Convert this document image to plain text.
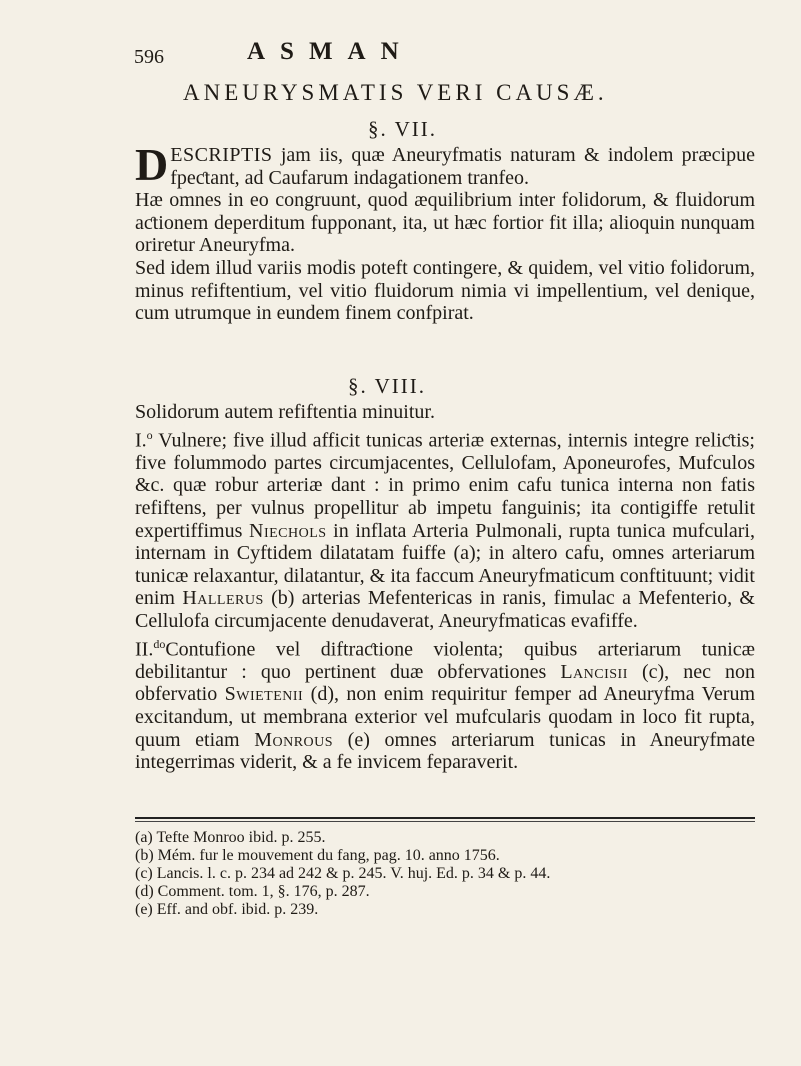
596	ASMAN
ANEURYSMATIS VERI CAUSÆ.
§. VII.

DESCRIPTIS jam iis, quæ Aneuryfmatis naturam & indolem præcipue fpeƈtant, ad Caufarum indagationem tranfeo.

Hæ omnes in eo congruunt, quod æquilibrium inter folidorum, & fluidorum aƈtionem deperditum fupponant, ita, ut hæc fortior fit illa; alioquin nunquam oriretur Aneuryfma.

Sed idem illud variis modis poteft contingere, & quidem, vel vitio folidorum, minus refiftentium, vel vitio fluidorum nimia vi impellentium, vel denique, cum utrumque in eundem finem confpirat.

§. VIII.

Solidorum autem refiftentia minuitur.

I.$^o$ Vulnere; five illud afficit tunicas arteriæ externas, internis integre reliƈtis; five folummodo partes circumjacentes, Cellulofam, Aponeurofes, Mufculos &c. quæ robur arteriæ dant : in primo enim cafu tunica interna non fatis refiftens, per vulnus propellitur ab impetu fanguinis; ita contigiffe retulit expertiffimus Niechols in inflata Arteria Pulmonali, rupta tunica mufculari, internam in Cyftidem dilatatam fuiffe (a); in altero cafu, omnes arteriarum tunicæ relaxantur, dilatantur, & ita faccum Aneuryfmaticum conftituunt; vidit enim Hallerus (b) arterias Mefentericas in ranis, fimulac a Mefenterio, & Cellulofa circumjacente denudaverat, Aneuryfmaticas evafiffe.

II.$^{do}$Contufione vel diftraƈtione violenta; quibus arteriarum tunicæ debilitantur : quo pertinent duæ obfervationes Lancisii (c), nec non obfervatio Swietenii (d), non enim requiritur femper ad Aneuryfma Verum excitandum, ut membrana exterior vel mufcularis quodam in loco fit rupta, quum etiam Monrous (e) omnes arteriarum tunicas in Aneuryfmate integerrimas viderit, & a fe invicem feparaverit.

(a) Tefte Monroo ibid. p. 255.
(b) Mém. fur le mouvement du fang, pag. 10. anno 1756.
(c) Lancis. l. c. p. 234 ad 242 & p. 245. V. huj. Ed. p. 34 & p. 44.
(d) Comment. tom. 1, §. 176, p. 287.
(e) Eff. and obf. ibid. p. 239.
